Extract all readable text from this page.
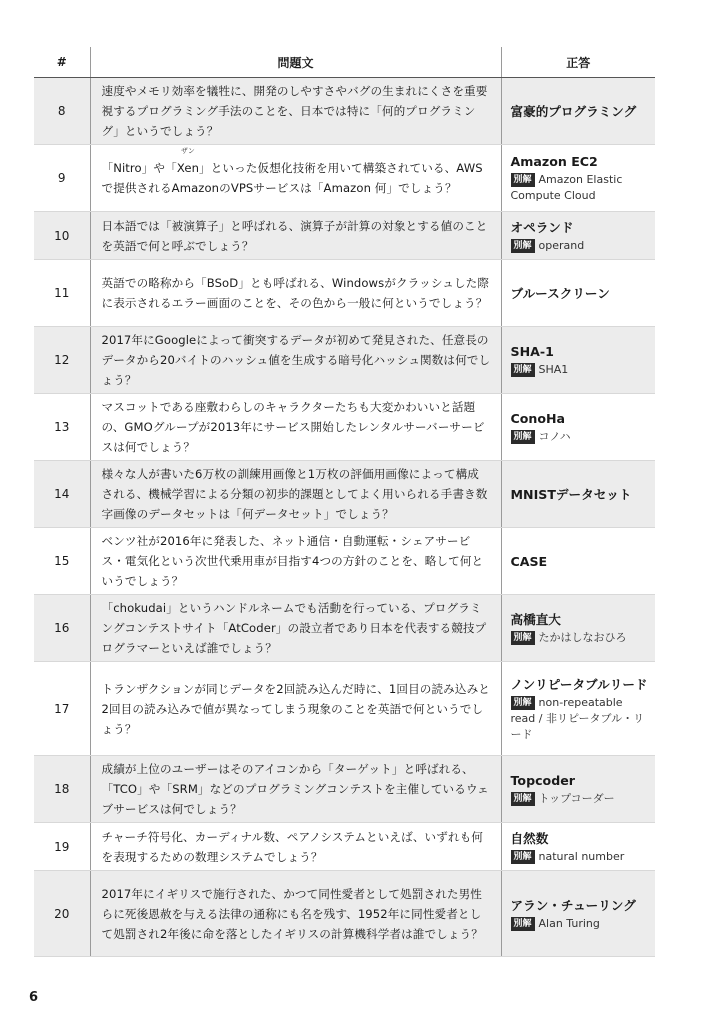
#	問題文	正答
8	速度やメモリ効率を犠牲に、開発のしやすさやバグの生まれにくさを重要視するプログラミング手法のことを、日本では特に「何的プログラミング」というでしょう？	富豪的プログラミング

9	「Nitro」や「Xen
ザン
」といった仮想化技術を用いて構築されている、AWSで提供されるAmazonのVPSサービスは「Amazon 何」でしょう？	Amazon EC2
別解 Amazon Elastic Compute Cloud

10	日本語では「被演算子」と呼ばれる、演算子が計算の対象とする値のことを英語で何と呼ぶでしょう？	オペランド
別解 operand

11	英語での略称から「BSoD」とも呼ばれる、Windowsがクラッシュした際に表示されるエラー画面のことを、その色から一般に何というでしょう？	ブルースクリーン

12	2017年にGoogleによって衝突するデータが初めて発見された、任意長のデータから20バイトのハッシュ値を生成する暗号化ハッシュ関数は何でしょう？	SHA-1
別解 SHA1

13	マスコットである座敷わらしのキャラクターたちも大変かわいいと話題の、GMOグループが2013年にサービス開始したレンタルサーバーサービスは何でしょう？	ConoHa
別解 コノハ

14	様々な人が書いた6万枚の訓練用画像と1万枚の評価用画像によって構成される、機械学習による分類の初歩的課題としてよく用いられる手書き数字画像のデータセットは「何データセット」でしょう？	MNISTデータセット

15	ベンツ社が2016年に発表した、ネット通信・自動運転・シェアサービス・電気化という次世代乗用車が目指す4つの方針のことを、略して何というでしょう？	CASE

16	「chokudai」というハンドルネームでも活動を行っている、プログラミングコンテストサイト「AtCoder」の設立者であり日本を代表する競技プログラマーといえば誰でしょう？	高橋直大
別解 たかはしなおひろ

17	トランザクションが同じデータを2回読み込んだ時に、1回目の読み込みと2回目の読み込みで値が異なってしまう現象のことを英語で何というでしょう？	ノンリピータブルリード
別解 non-repeatable read / 非リピータブル・リード

18	成績が上位のユーザーはそのアイコンから「ターゲット」と呼ばれる、「TCO」や「SRM」などのプログラミングコンテストを主催しているウェブサービスは何でしょう？	Topcoder
別解 トップコーダー

19	チャーチ符号化、カーディナル数、ペアノシステムといえば、いずれも何を表現するための数理システムでしょう？	自然数
別解 natural number

20	2017年にイギリスで施行された、かつて同性愛者として処罰された男性らに死後恩赦を与える法律の通称にも名を残す、1952年に同性愛者として処罰され2年後に命を落としたイギリスの計算機科学者は誰でしょう？	アラン・チューリング
別解 Alan Turing
6
